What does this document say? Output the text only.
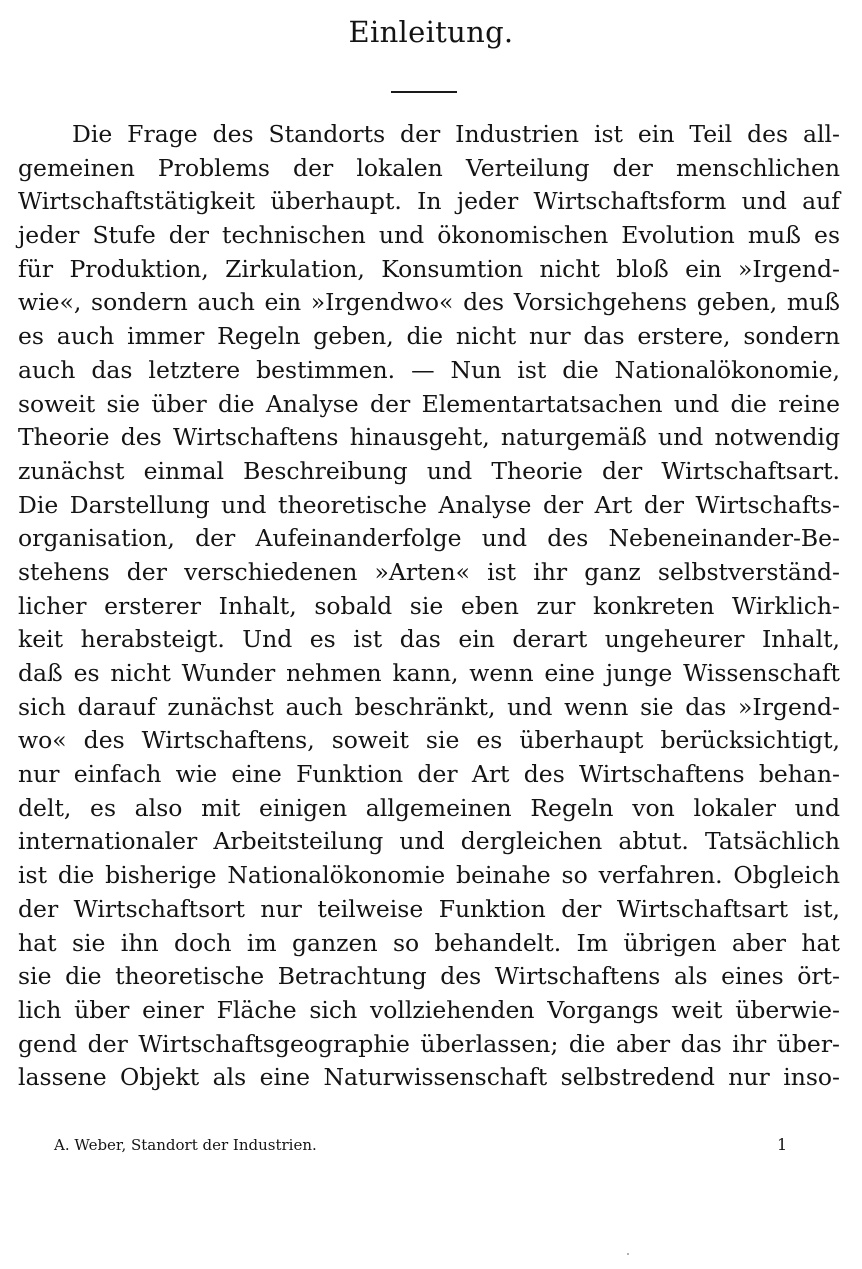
Einleitung.
Die Frage des Standorts der Industrien ist ein Teil des all-
gemeinen Problems der lokalen Verteilung der menschlichen
Wirtschaftstätigkeit überhaupt. In jeder Wirtschaftsform und auf
jeder Stufe der technischen und ökonomischen Evolution muß es
für Produktion, Zirkulation, Konsumtion nicht bloß ein »Irgend-
wie«, sondern auch ein »Irgendwo« des Vorsichgehens geben, muß
es auch immer Regeln geben, die nicht nur das erstere, sondern
auch das letztere bestimmen. — Nun ist die Nationalökonomie,
soweit sie über die Analyse der Elementartatsachen und die reine
Theorie des Wirtschaftens hinausgeht, naturgemäß und notwendig
zunächst einmal Beschreibung und Theorie der Wirtschaftsart.
Die Darstellung und theoretische Analyse der Art der Wirtschafts-
organisation, der Aufeinanderfolge und des Nebeneinander-Be-
stehens der verschiedenen »Arten« ist ihr ganz selbstverständ-
licher ersterer Inhalt, sobald sie eben zur konkreten Wirklich-
keit herabsteigt. Und es ist das ein derart ungeheurer Inhalt,
daß es nicht Wunder nehmen kann, wenn eine junge Wissenschaft
sich darauf zunächst auch beschränkt, und wenn sie das »Irgend-
wo« des Wirtschaftens, soweit sie es überhaupt berücksichtigt,
nur einfach wie eine Funktion der Art des Wirtschaftens behan-
delt, es also mit einigen allgemeinen Regeln von lokaler und
internationaler Arbeitsteilung und dergleichen abtut. Tatsächlich
ist die bisherige Nationalökonomie beinahe so verfahren. Obgleich
der Wirtschaftsort nur teilweise Funktion der Wirtschaftsart ist,
hat sie ihn doch im ganzen so behandelt. Im übrigen aber hat
sie die theoretische Betrachtung des Wirtschaftens als eines ört-
lich über einer Fläche sich vollziehenden Vorgangs weit überwie-
gend der Wirtschaftsgeographie überlassen; die aber das ihr über-
lassene Objekt als eine Naturwissenschaft selbstredend nur inso-
A. Weber, Standort der Industrien.	1
